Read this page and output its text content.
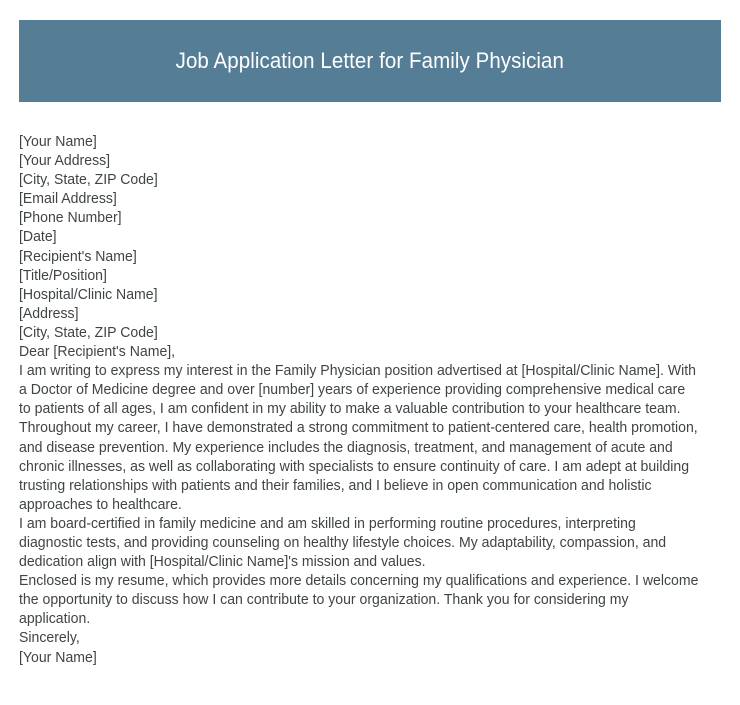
Job Application Letter for Family Physician
[Your Name]
[Your Address]
[City, State, ZIP Code]
[Email Address]
[Phone Number]
[Date]
[Recipient's Name]
[Title/Position]
[Hospital/Clinic Name]
[Address]
[City, State, ZIP Code]
Dear [Recipient's Name],

I am writing to express my interest in the Family Physician position advertised at [Hospital/Clinic Name]. With a Doctor of Medicine degree and over [number] years of experience providing comprehensive medical care to patients of all ages, I am confident in my ability to make a valuable contribution to your healthcare team.

Throughout my career, I have demonstrated a strong commitment to patient-centered care, health promotion, and disease prevention. My experience includes the diagnosis, treatment, and management of acute and chronic illnesses, as well as collaborating with specialists to ensure continuity of care. I am adept at building trusting relationships with patients and their families, and I believe in open communication and holistic approaches to healthcare.

I am board-certified in family medicine and am skilled in performing routine procedures, interpreting diagnostic tests, and providing counseling on healthy lifestyle choices. My adaptability, compassion, and dedication align with [Hospital/Clinic Name]'s mission and values.

Enclosed is my resume, which provides more details concerning my qualifications and experience. I welcome the opportunity to discuss how I can contribute to your organization. Thank you for considering my application.

Sincerely,
[Your Name]
